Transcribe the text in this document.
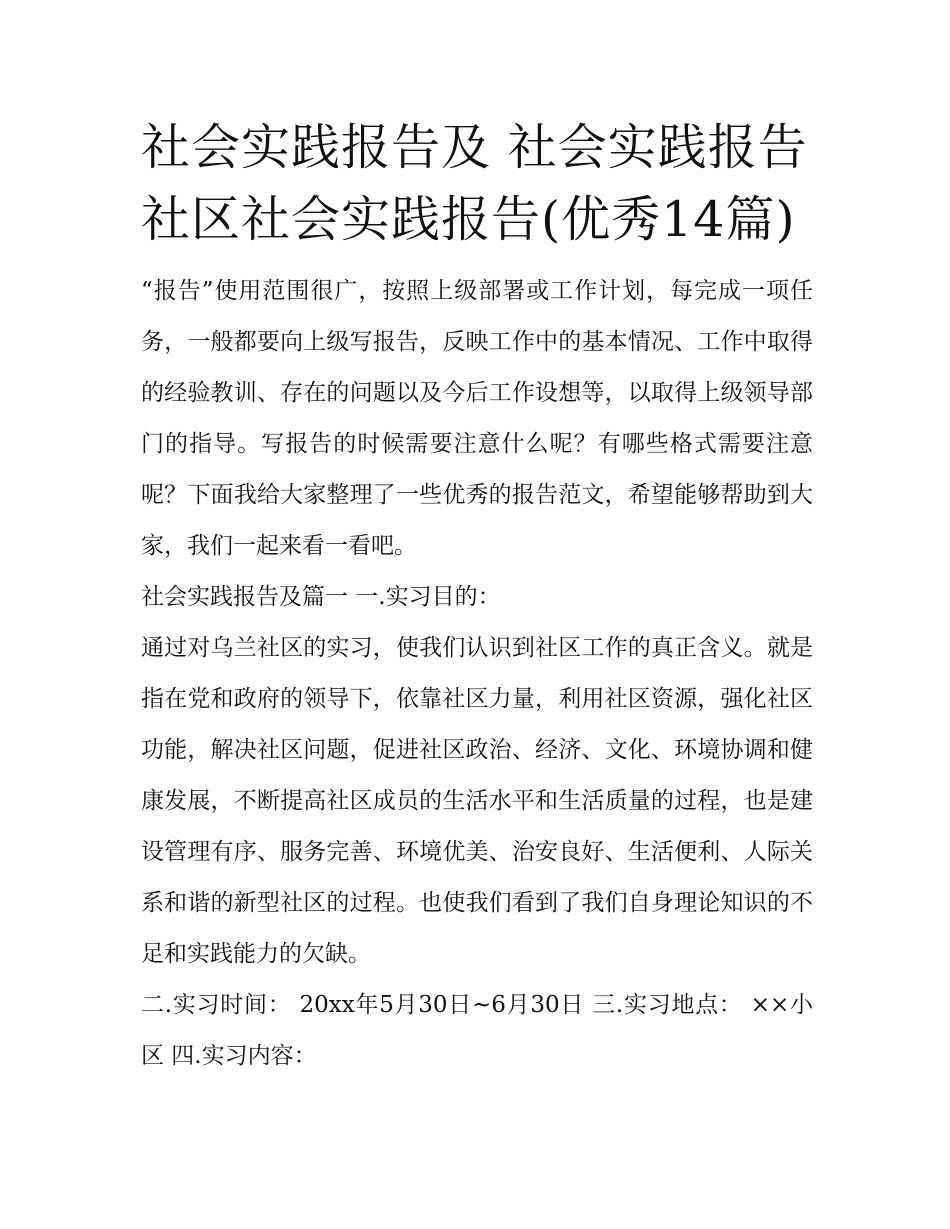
社会实践报告及 社会实践报告
社区社会实践报告(优秀14篇)

“报告”使用范围很广，按照上级部署或工作计划，每完成一项任务，一般都要向上级写报告，反映工作中的基本情况、工作中取得的经验教训、存在的问题以及今后工作设想等，以取得上级领导部门的指导。写报告的时候需要注意什么呢？有哪些格式需要注意呢？下面我给大家整理了一些优秀的报告范文，希望能够帮助到大家，我们一起来看一看吧。

社会实践报告及篇一 一.实习目的：

通过对乌兰社区的实习，使我们认识到社区工作的真正含义。就是指在党和政府的领导下，依靠社区力量，利用社区资源，强化社区功能，解决社区问题，促进社区政治、经济、文化、环境协调和健康发展，不断提高社区成员的生活水平和生活质量的过程，也是建设管理有序、服务完善、环境优美、治安良好、生活便利、人际关系和谐的新型社区的过程。也使我们看到了我们自身理论知识的不足和实践能力的欠缺。

二.实习时间： 20xx年5月30日~6月30日 三.实习地点： ××小区 四.实习内容：
